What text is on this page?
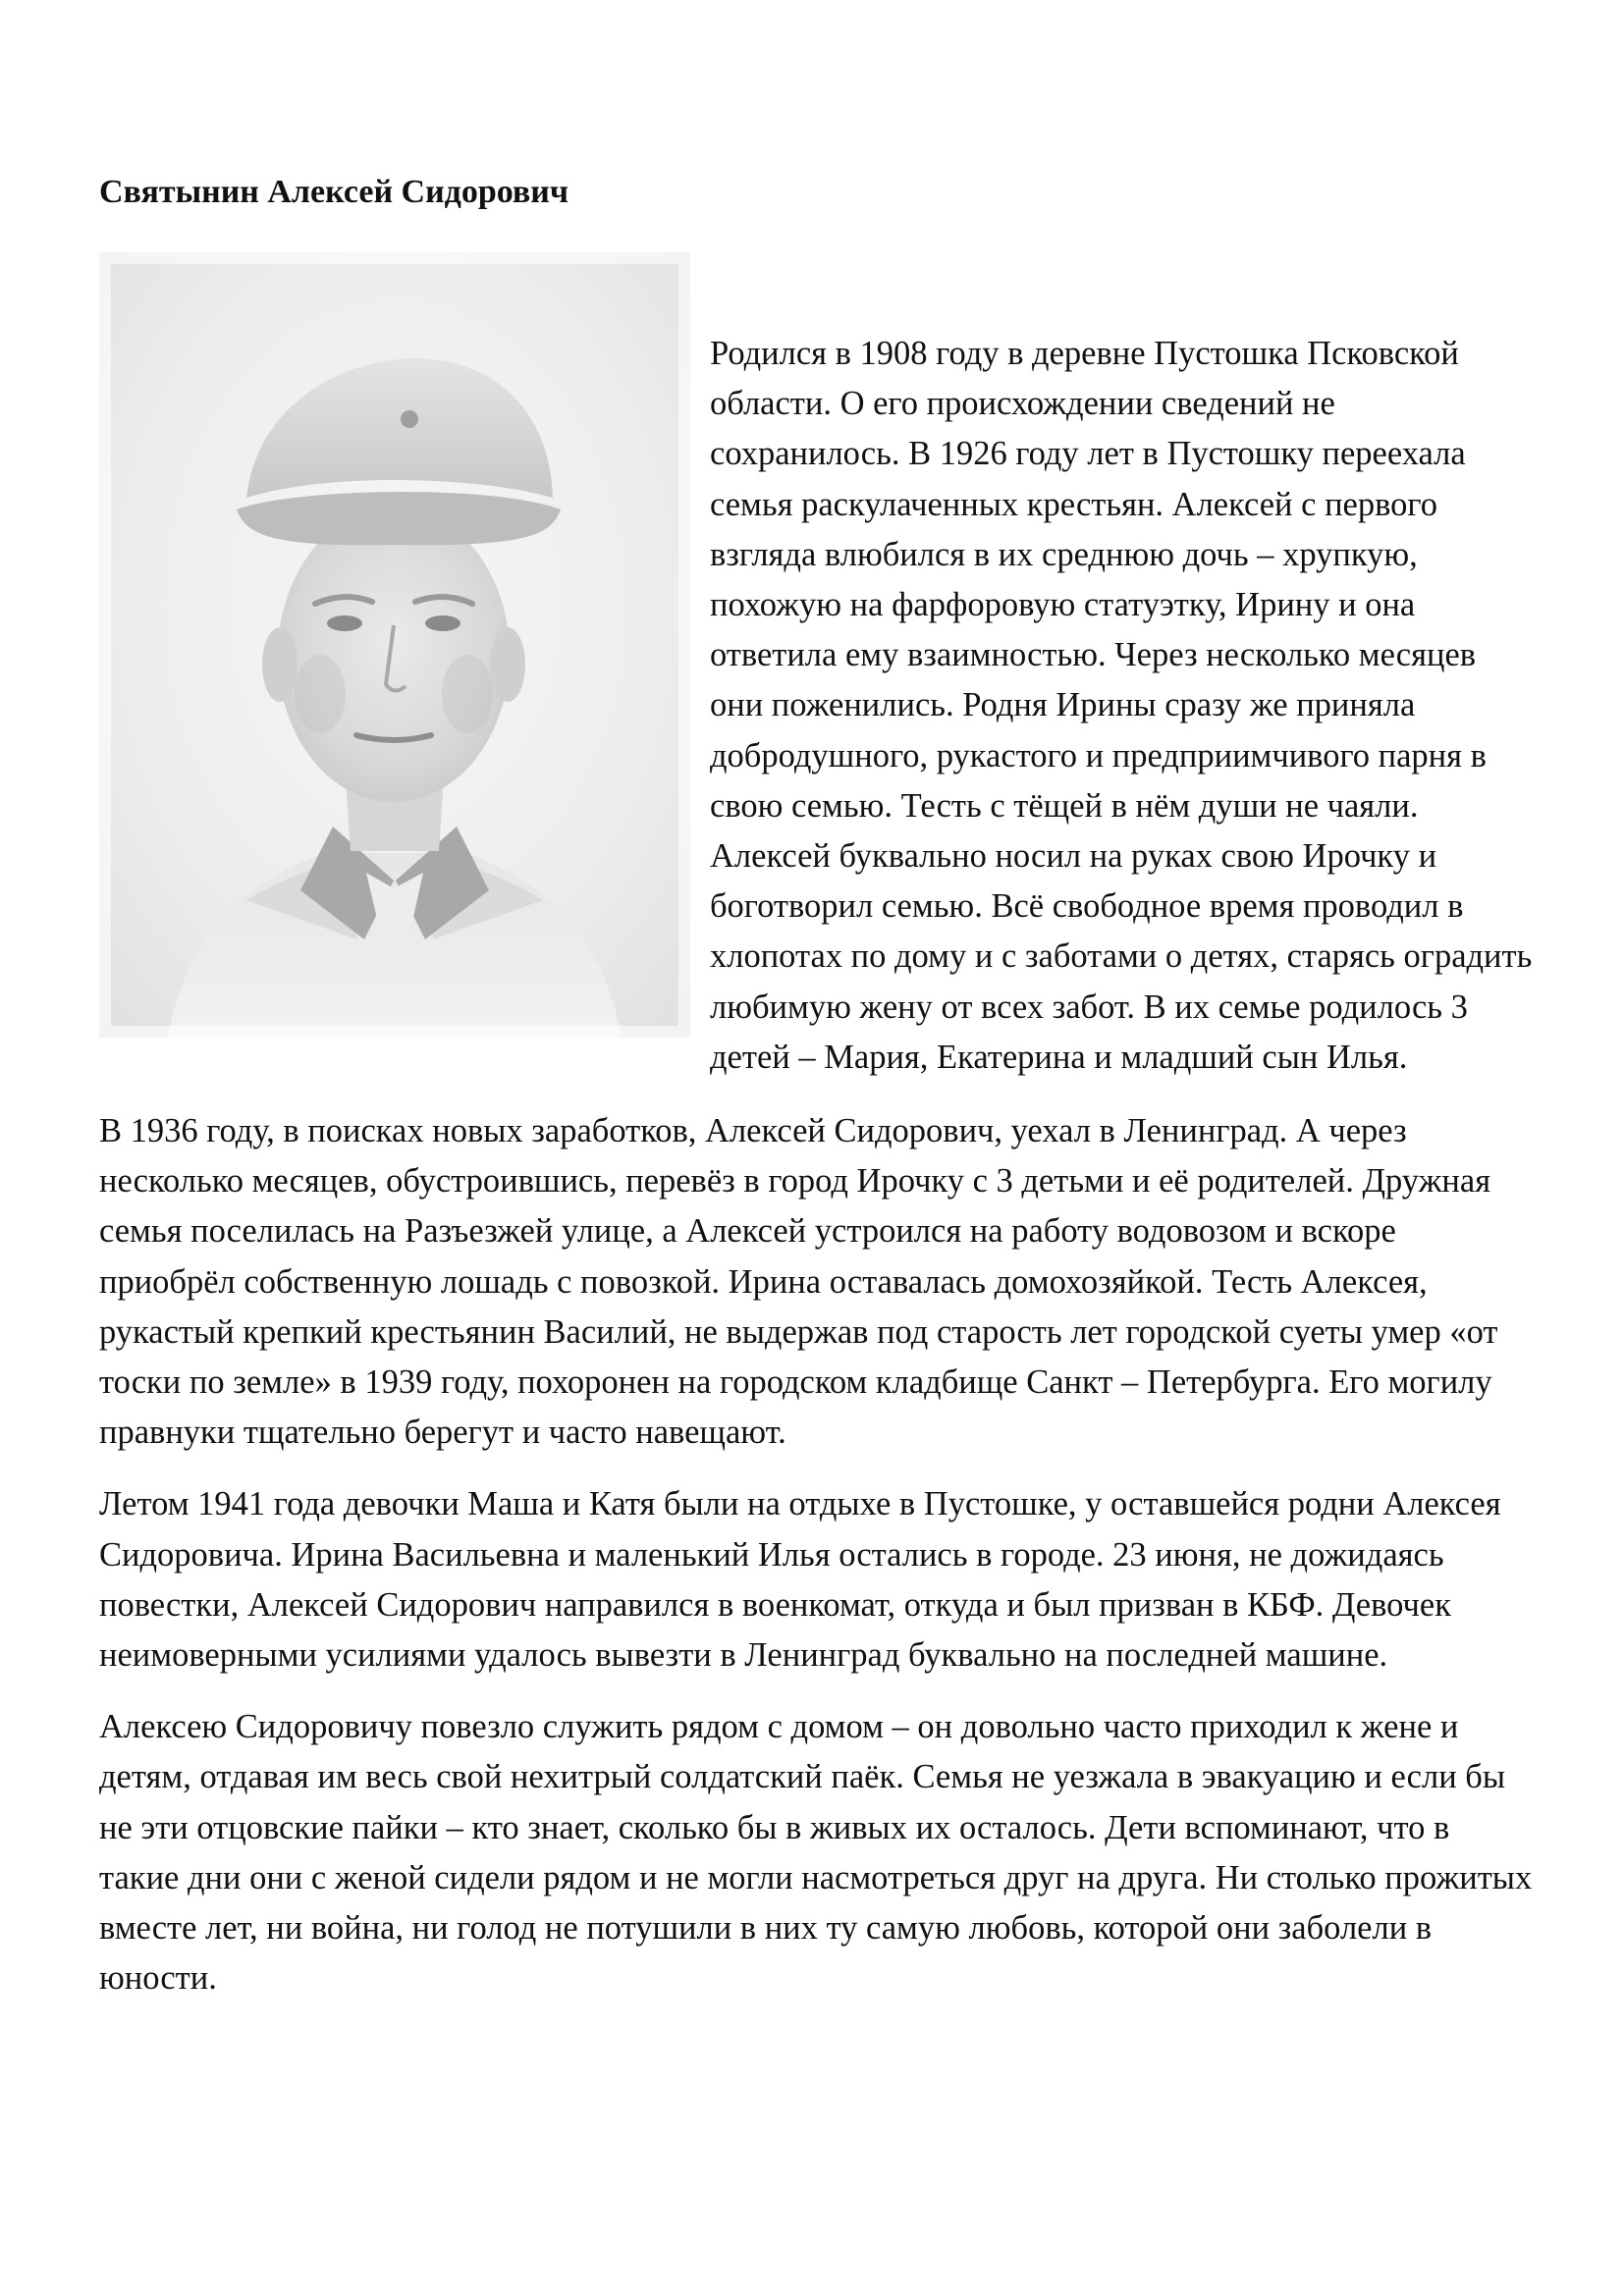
Святынин Алексей Сидорович

Родился в 1908 году в деревне Пустошка Псковской области. О его происхождении сведений не сохранилось. В 1926 году лет в Пустошку переехала семья раскулаченных крестьян. Алексей с первого взгляда влюбился в их среднюю дочь – хрупкую, похожую на фарфоровую статуэтку, Ирину и она ответила ему взаимностью. Через несколько месяцев они поженились. Родня Ирины сразу же приняла добродушного, рукастого и предприимчивого парня в свою семью. Тесть с тёщей в нём души не чаяли. Алексей буквально носил на руках свою Ирочку и боготворил семью. Всё свободное время проводил в хлопотах по дому и с заботами о детях, старясь оградить любимую жену от всех забот. В их семье родилось 3 детей – Мария, Екатерина и младший сын Илья.

В 1936 году, в поисках новых заработков, Алексей Сидорович, уехал в Ленинград. А через несколько месяцев, обустроившись, перевёз в город Ирочку с 3 детьми и её родителей. Дружная семья поселилась на Разъезжей улице, а Алексей устроился на работу водовозом и вскоре приобрёл собственную лошадь с повозкой. Ирина оставалась домохозяйкой. Тесть Алексея, рукастый крепкий крестьянин Василий, не выдержав под старость лет городской суеты умер «от тоски по земле» в 1939 году, похоронен на городском кладбище Санкт – Петербурга. Его могилу правнуки тщательно берегут и часто навещают.

Летом 1941 года девочки Маша и Катя были на отдыхе в Пустошке, у оставшейся родни Алексея Сидоровича. Ирина Васильевна и маленький Илья остались в городе. 23 июня, не дожидаясь повестки, Алексей Сидорович направился в военкомат, откуда и был призван в КБФ. Девочек неимоверными усилиями удалось вывезти в Ленинград буквально на последней машине.

Алексею Сидоровичу повезло служить рядом с домом – он довольно часто приходил к жене и детям, отдавая им весь свой нехитрый солдатский паёк. Семья не уезжала в эвакуацию и если бы не эти отцовские пайки – кто знает, сколько бы в живых их осталось. Дети вспоминают, что в такие дни они с женой сидели рядом и не могли насмотреться друг на друга. Ни столько прожитых вместе лет, ни война, ни голод не потушили в них ту самую любовь, которой они заболели в юности.
